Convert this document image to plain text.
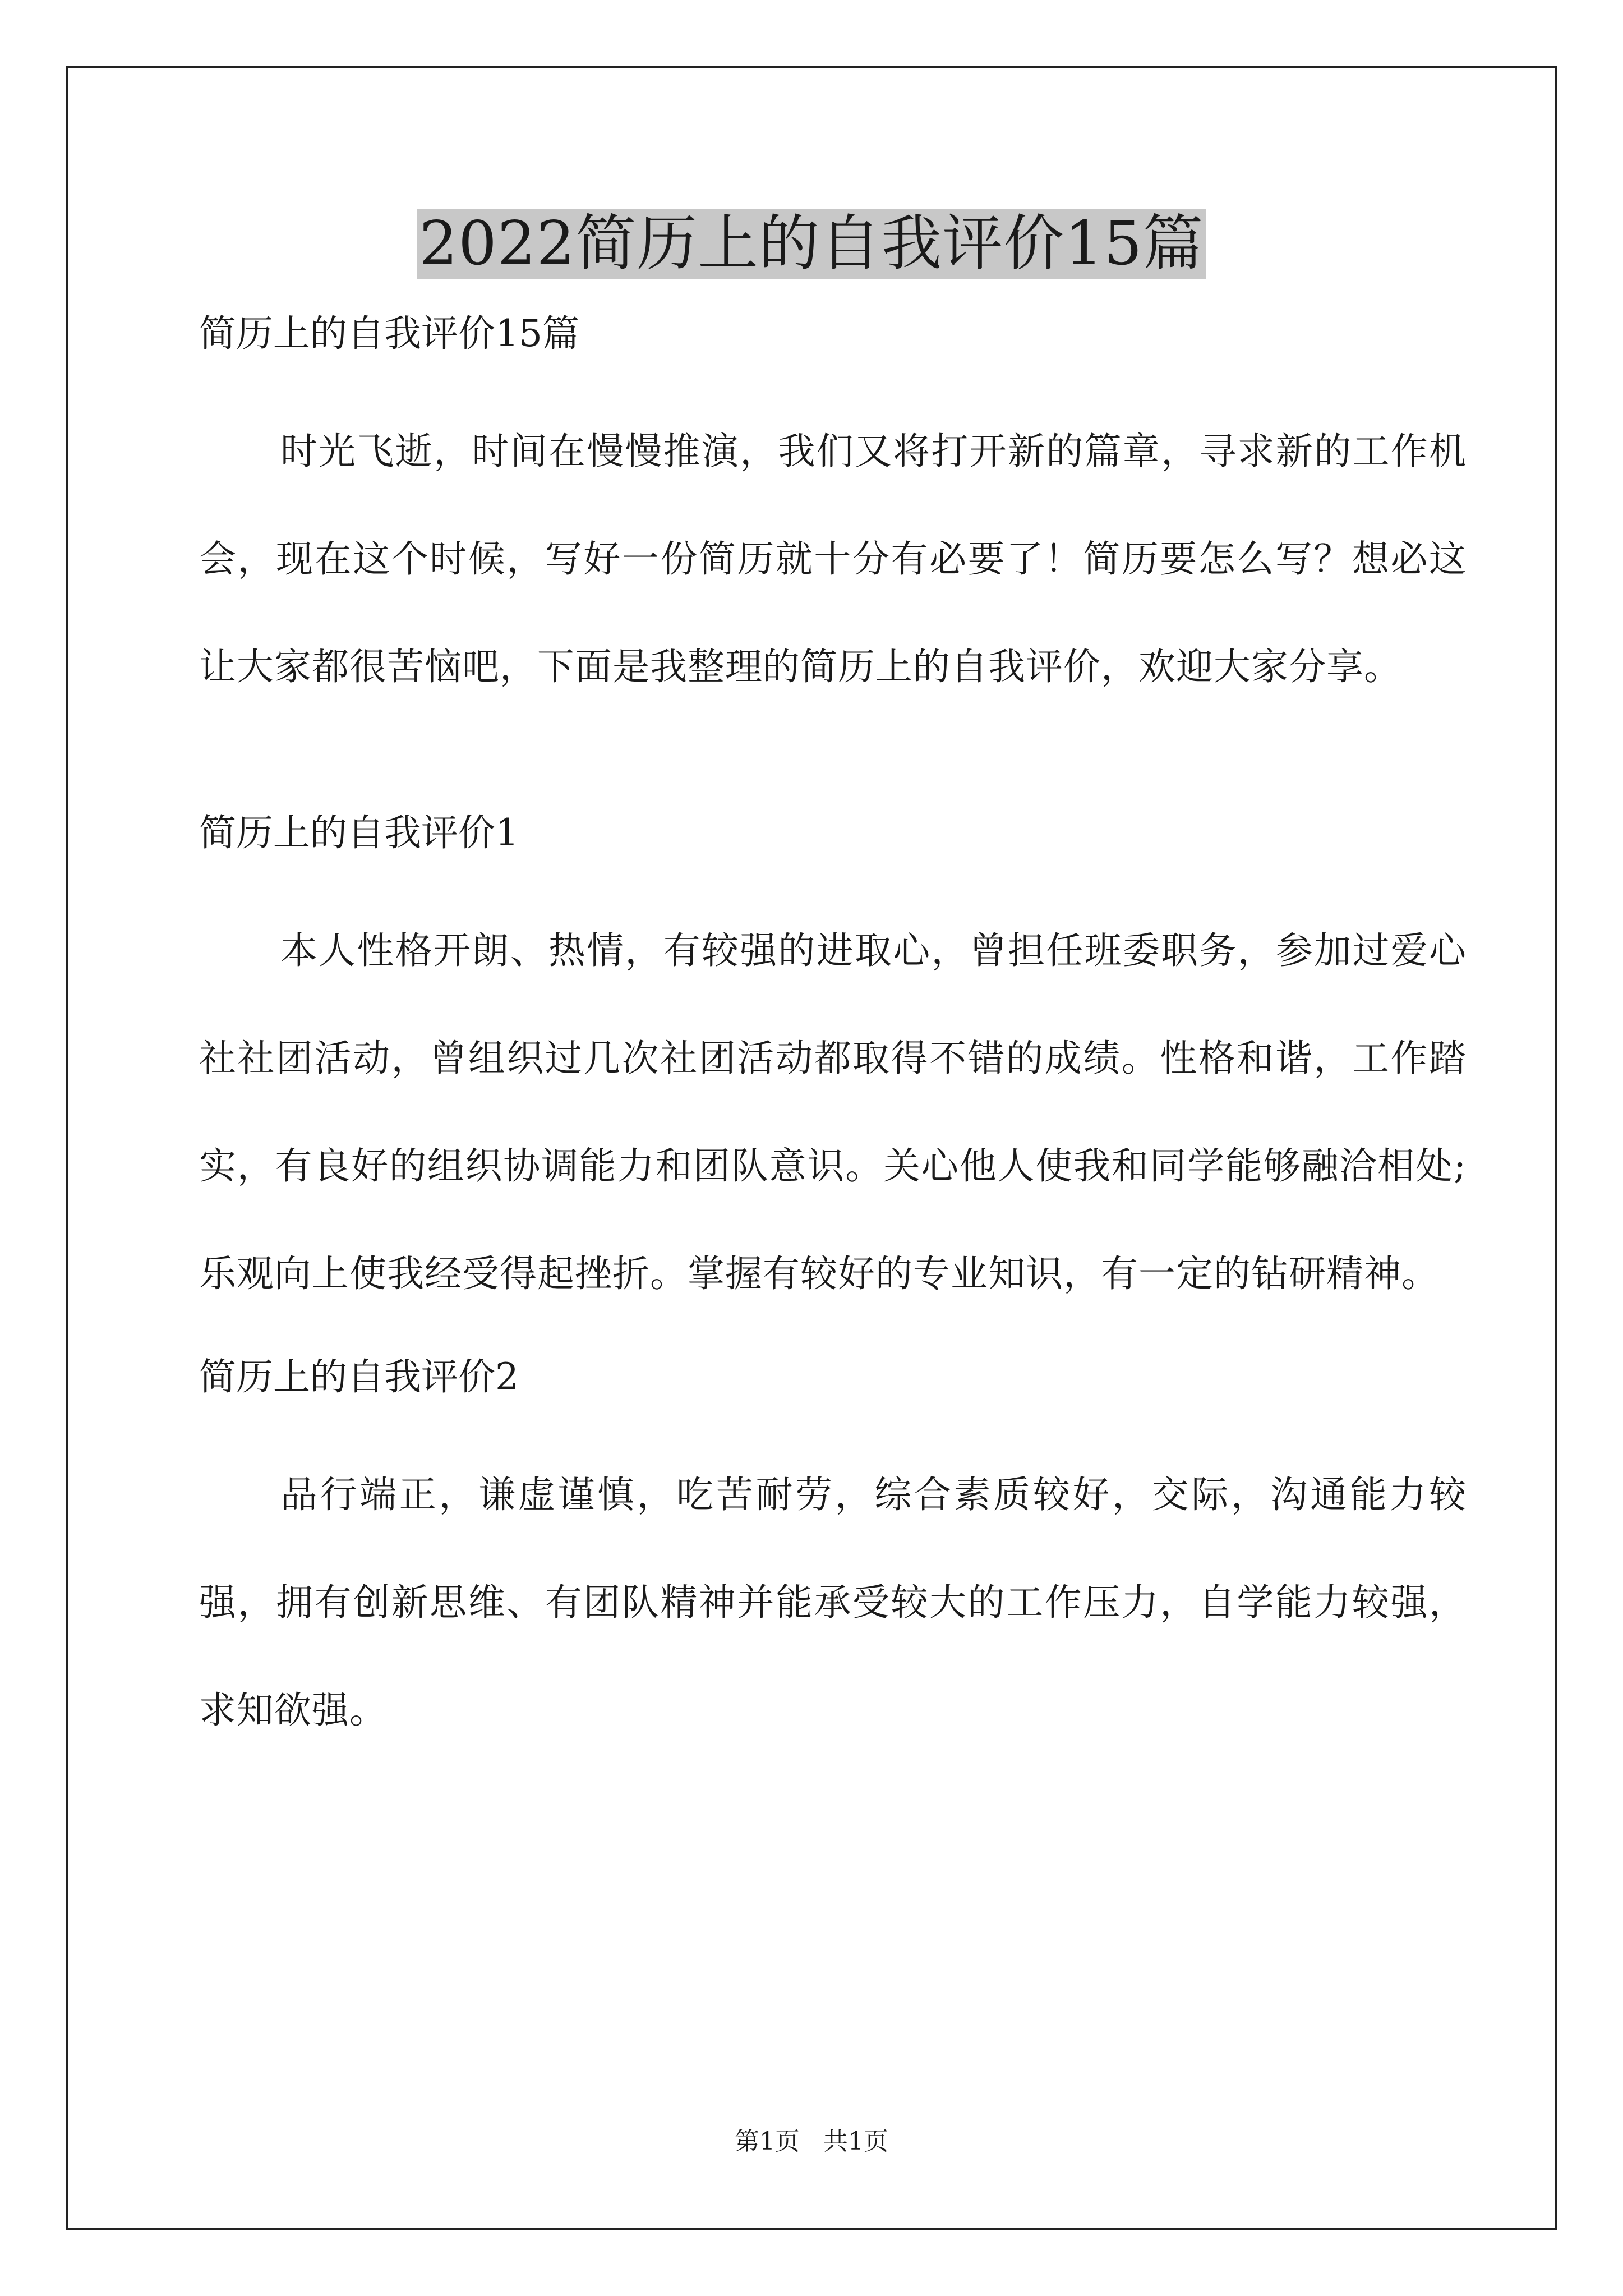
2022简历上的自我评价15篇

简历上的自我评价15篇

时光飞逝，时间在慢慢推演，我们又将打开新的篇章，寻求新的工作机会，现在这个时候，写好一份简历就十分有必要了！简历要怎么写？想必这让大家都很苦恼吧，下面是我整理的简历上的自我评价，欢迎大家分享。

简历上的自我评价1

本人性格开朗、热情，有较强的进取心，曾担任班委职务，参加过爱心社社团活动，曾组织过几次社团活动都取得不错的成绩。性格和谐，工作踏实，有良好的组织协调能力和团队意识。关心他人使我和同学能够融洽相处;乐观向上使我经受得起挫折。掌握有较好的专业知识，有一定的钻研精神。

简历上的自我评价2

品行端正，谦虚谨慎，吃苦耐劳，综合素质较好，交际，沟通能力较强，拥有创新思维、有团队精神并能承受较大的工作压力，自学能力较强，求知欲强。

第1页   共1页
